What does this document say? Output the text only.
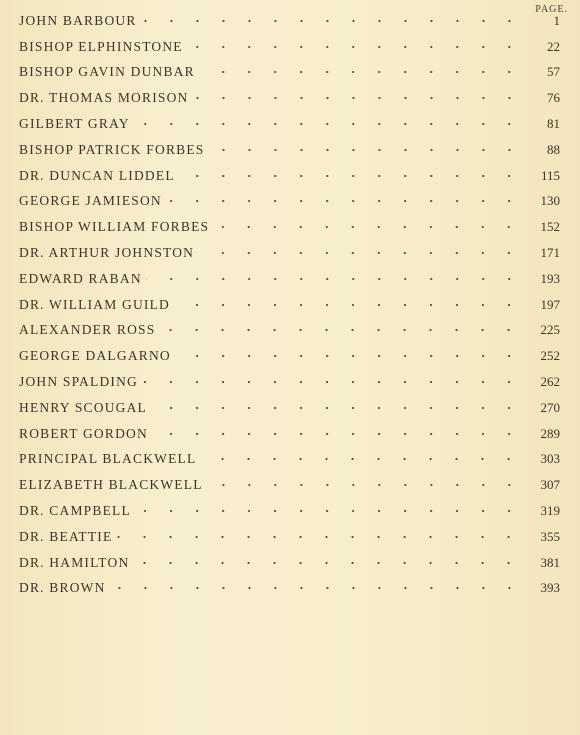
PAGE.
JOHN BARBOUR	1
BISHOP ELPHINSTONE	22
BISHOP GAVIN DUNBAR	57
DR. THOMAS MORISON	76
GILBERT GRAY	81
BISHOP PATRICK FORBES	88
DR. DUNCAN LIDDEL	115
GEORGE JAMIESON	130
BISHOP WILLIAM FORBES	152
DR. ARTHUR JOHNSTON	171
EDWARD RABAN	193
DR. WILLIAM GUILD	197
ALEXANDER ROSS	225
GEORGE DALGARNO	252
JOHN SPALDING	262
HENRY SCOUGAL	270
ROBERT GORDON	289
PRINCIPAL BLACKWELL	303
ELIZABETH BLACKWELL	307
DR. CAMPBELL	319
DR. BEATTIE	355
DR. HAMILTON	381
DR. BROWN	393
